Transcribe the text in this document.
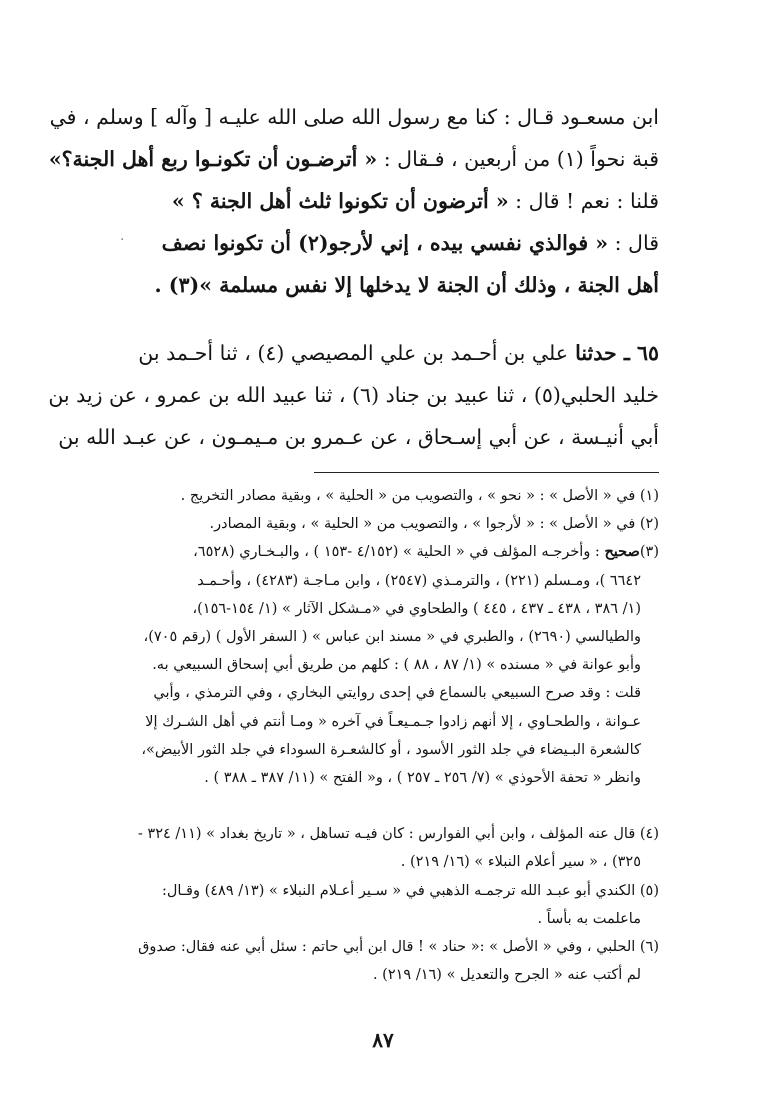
ابن مسعـود قـال : كنا مع رسول الله صلى الله عليـه [ وآله ] وسلم ، في
قبة نحواً (١) من أربعين ، فـقال : « أترضـون أن تكونـوا ربع أهل الجنة؟»
قلنا : نعم ! قال : « أترضون أن تكونوا ثلث أهل الجنة ؟ »
قال : « فوالذي نفسي بيده ، إني لأرجو(٢) أن تكونوا نصف
أهل الجنة ، وذلك أن الجنة لا يدخلها إلا نفس مسلمة »(٣) .
٦٥ ـ حدثنا علي بن أحـمد بن علي المصيصي (٤) ، ثنا أحـمد بن
خليد الحلبي(٥) ، ثنا عبيد بن جناد (٦) ، ثنا عبيد الله بن عمرو ، عن زيد بن
أبي أنيـسة ، عن أبي إسـحاق ، عن عـمرو بن مـيمـون ، عن عبـد الله بن
(١) في « الأصل » : « نحو » ، والتصويب من « الحلية » ، وبقية مصادر التخريج .
(٢) في « الأصل » : « لأرجوا » ، والتصويب من « الحلية » ، وبقية المصادر.
(٣)صحيح : وأخرجـه المؤلف في « الحلية » (٤/١٥٢ -١٥٣ ) ، والبـخـاري (٦٥٢٨،
٦٦٤٢ )، ومـسلم (٢٢١) ، والترمـذي (٢٥٤٧) ، وابن مـاجـة (٤٢٨٣) ، وأحـمـد
(١/ ٣٨٦ ، ٤٣٨ ـ ٤٣٧ ، ٤٤٥ ) والطحاوي في «مـشكل الآثار » (١/ ١٥٤-١٥٦)،
والطيالسي (٢٦٩٠) ، والطبري في « مسند ابن عباس » ( السفر الأول ) (رقم ٧٠٥)،
وأبو عوانة في « مسنده » (١/ ٨٧ ، ٨٨ ) : كلهم من طريق أبي إسحاق السبيعي به.
قلت : وقد صرح السبيعي بالسماع في إحدى روايتي البخاري ، وفي الترمذي ، وأبي
عـوانة ، والطحـاوي ، إلا أنهم زادوا جـمـيعـاً في آخره « ومـا أنتم في أهل الشـرك إلا
كالشعرة البـيضاء في جلد الثور الأسود ، أو كالشعـرة السوداء في جلد الثور الأبيض»،
وانظر « تحفة الأحوذي » (٧/ ٢٥٦ ـ ٢٥٧ ) ، و« الفتح » (١١/ ٣٨٧ ـ ٣٨٨ ) .
(٤) قال عنه المؤلف ، وابن أبي الفوارس : كان فيـه تساهل ، « تاريخ بغداد » (١١/ ٣٢٤ -
٣٢٥) ، « سير أعلام النبلاء » (١٦/ ٢١٩) .
(٥) الكندي أبو عبـد الله ترجمـه الذهبي في « سـير أعـلام النبلاء » (١٣/ ٤٨٩) وقـال:
ماعلمت به بأساً .
(٦) الحلبي ، وفي « الأصل » :« حناد » ! قال ابن أبي حاتم : سئل أبي عنه فقال: صدوق
لم أكتب عنه « الجرح والتعديل » (١٦/ ٢١٩) .
٨٧
·
